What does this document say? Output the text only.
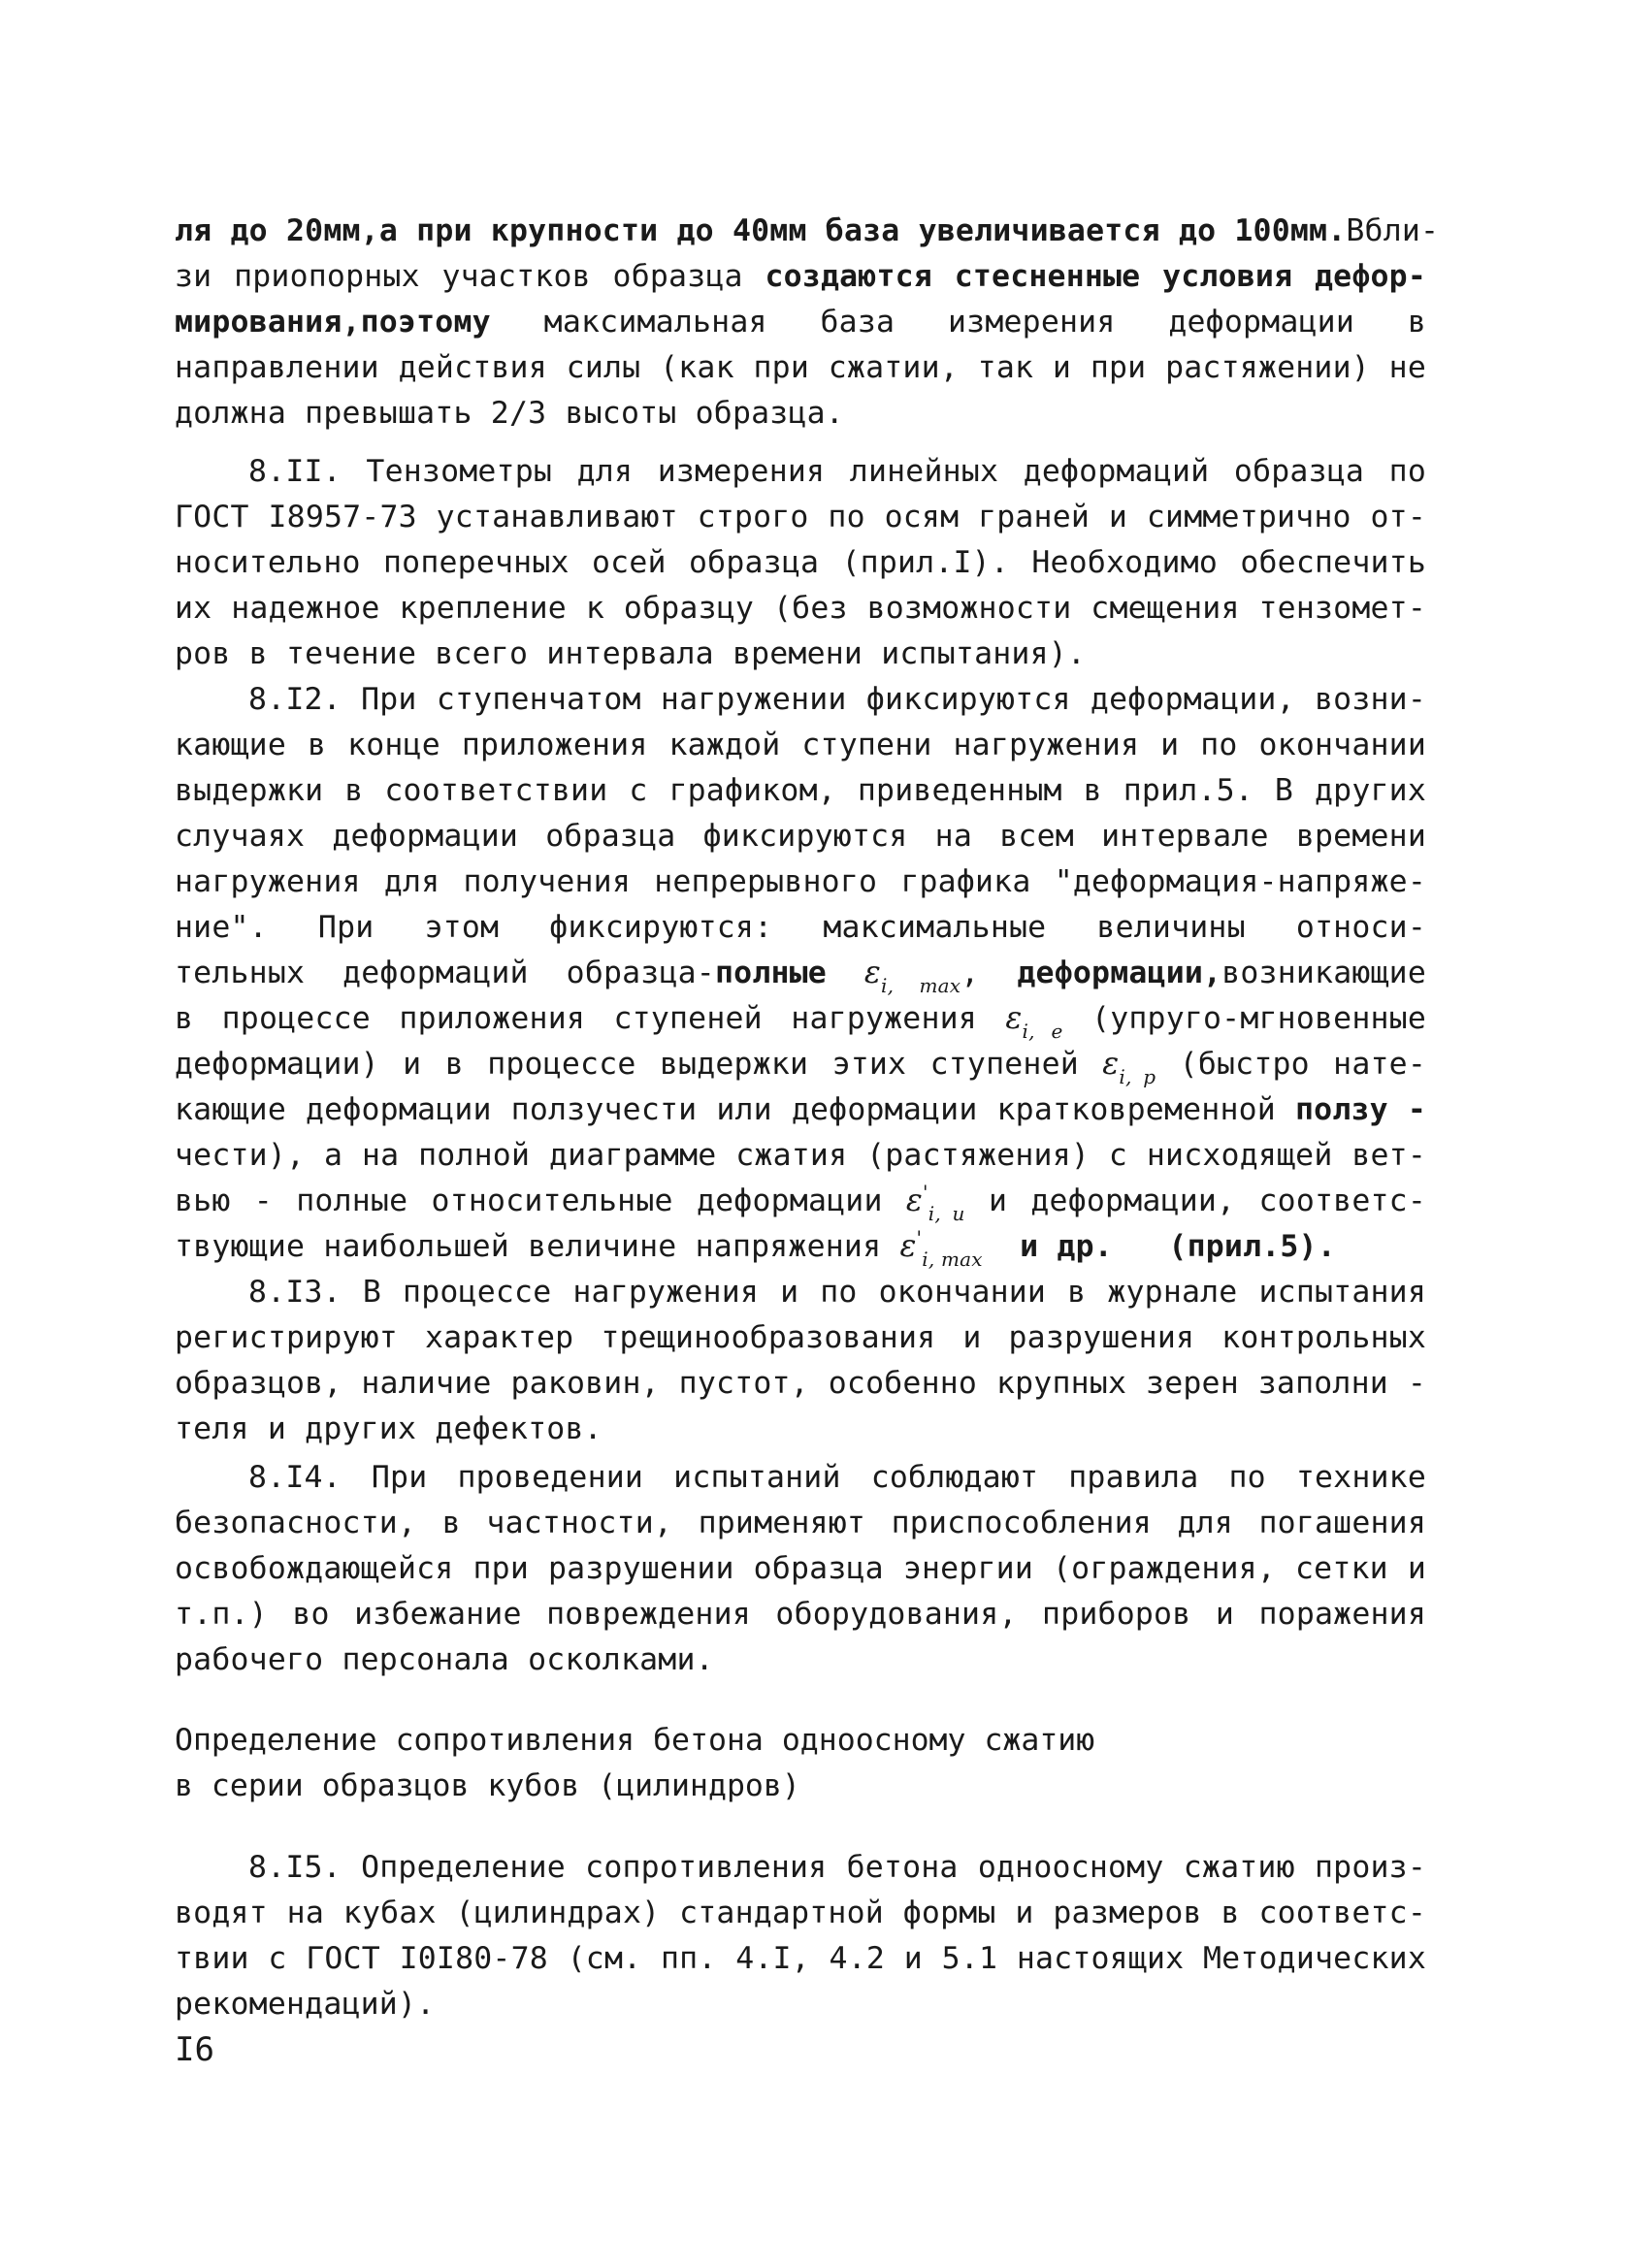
ля до 20мм,а при крупности до 40мм база увеличивается до 100мм.Вбли-
зи приопорных участков образца создаются стесненные условия дефор-
мирования,поэтому максимальная база измерения деформации в
направлении действия силы (как при сжатии, так и при растяжении) не
должна превышать 2/3 высоты образца.
8.II. Тензометры для измерения линейных деформаций образца по
ГОСТ I8957-73 устанавливают строго по осям граней и симметрично от-
носительно поперечных осей образца (прил.I). Необходимо обеспечить
их надежное крепление к образцу (без возможности смещения тензомет-
ров в течение всего интервала времени испытания).
8.I2. При ступенчатом нагружении фиксируются деформации, возни-
кающие в конце приложения каждой ступени нагружения и по окончании
выдержки в соответствии с графиком, приведенным в прил.5. В других
случаях деформации образца фиксируются на всем интервале времени
нагружения для получения непрерывного графика "деформация-напряже-
ние". При этом фиксируются: максимальные величины относи-
тельных деформаций образца-полные $\varepsilon_{i, max}$, деформации,возникающие
в процессе приложения ступеней нагружения $\varepsilon_{i, e}$ (упруго-мгновенные
деформации) и в процессе выдержки этих ступеней $\varepsilon_{i, p}$ (быстро нате-
кающие деформации ползучести или деформации кратковременной ползу -
чести), а на полной диаграмме сжатия (растяжения) с нисходящей вет-
вью - полные относительные деформации $\varepsilon'_{i, u}$ и деформации, соответс-
твующие наибольшей величине напряжения $\varepsilon'_{i, max}$ и др. (прил.5).
8.I3. В процессе нагружения и по окончании в журнале испытания
регистрируют характер трещинообразования и разрушения контрольных
образцов, наличие раковин, пустот, особенно крупных зерен заполни -
теля и других дефектов.
8.I4. При проведении испытаний соблюдают правила по технике
безопасности, в частности, применяют приспособления для погашения
освобождающейся при разрушении образца энергии (ограждения, сетки и
т.п.) во избежание повреждения оборудования, приборов и поражения
рабочего персонала осколками.
Определение сопротивления бетона одноосному сжатию
в серии образцов кубов (цилиндров)
8.I5. Определение сопротивления бетона одноосному сжатию произ-
водят на кубах (цилиндрах) стандартной формы и размеров в соответс-
твии с ГОСТ I0I80-78 (см. пп. 4.I, 4.2 и 5.1 настоящих Методических
рекомендаций).
I6
